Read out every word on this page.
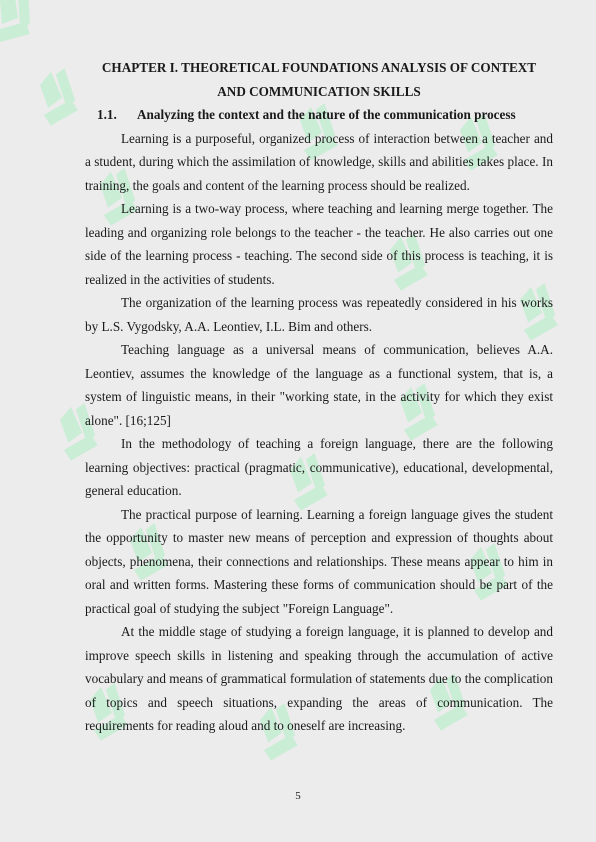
CHAPTER I. THEORETICAL FOUNDATIONS ANALYSIS OF CONTEXT
AND COMMUNICATION SKILLS

1.1.	Analyzing the context and the nature of the communication process

Learning is a purposeful, organized process of interaction between a teacher and a student, during which the assimilation of knowledge, skills and abilities takes place. In training, the goals and content of the learning process should be realized.

Learning is a two-way process, where teaching and learning merge together. The leading and organizing role belongs to the teacher - the teacher. He also carries out one side of the learning process - teaching. The second side of this process is teaching, it is realized in the activities of students.

The organization of the learning process was repeatedly considered in his works by L.S. Vygodsky, A.A. Leontiev, I.L. Bim and others.

Teaching language as a universal means of communication, believes A.A. Leontiev, assumes the knowledge of the language as a functional system, that is, a system of linguistic means, in their "working state, in the activity for which they exist alone". [16;125]

In the methodology of teaching a foreign language, there are the following learning objectives: practical (pragmatic, communicative), educational, developmental, general education.

The practical purpose of learning. Learning a foreign language gives the student the opportunity to master new means of perception and expression of thoughts about objects, phenomena, their connections and relationships. These means appear to him in oral and written forms. Mastering these forms of communication should be part of the practical goal of studying the subject "Foreign Language".

At the middle stage of studying a foreign language, it is planned to develop and improve speech skills in listening and speaking through the accumulation of active vocabulary and means of grammatical formulation of statements due to the complication of topics and speech situations, expanding the areas of communication. The requirements for reading aloud and to oneself are increasing.

5
